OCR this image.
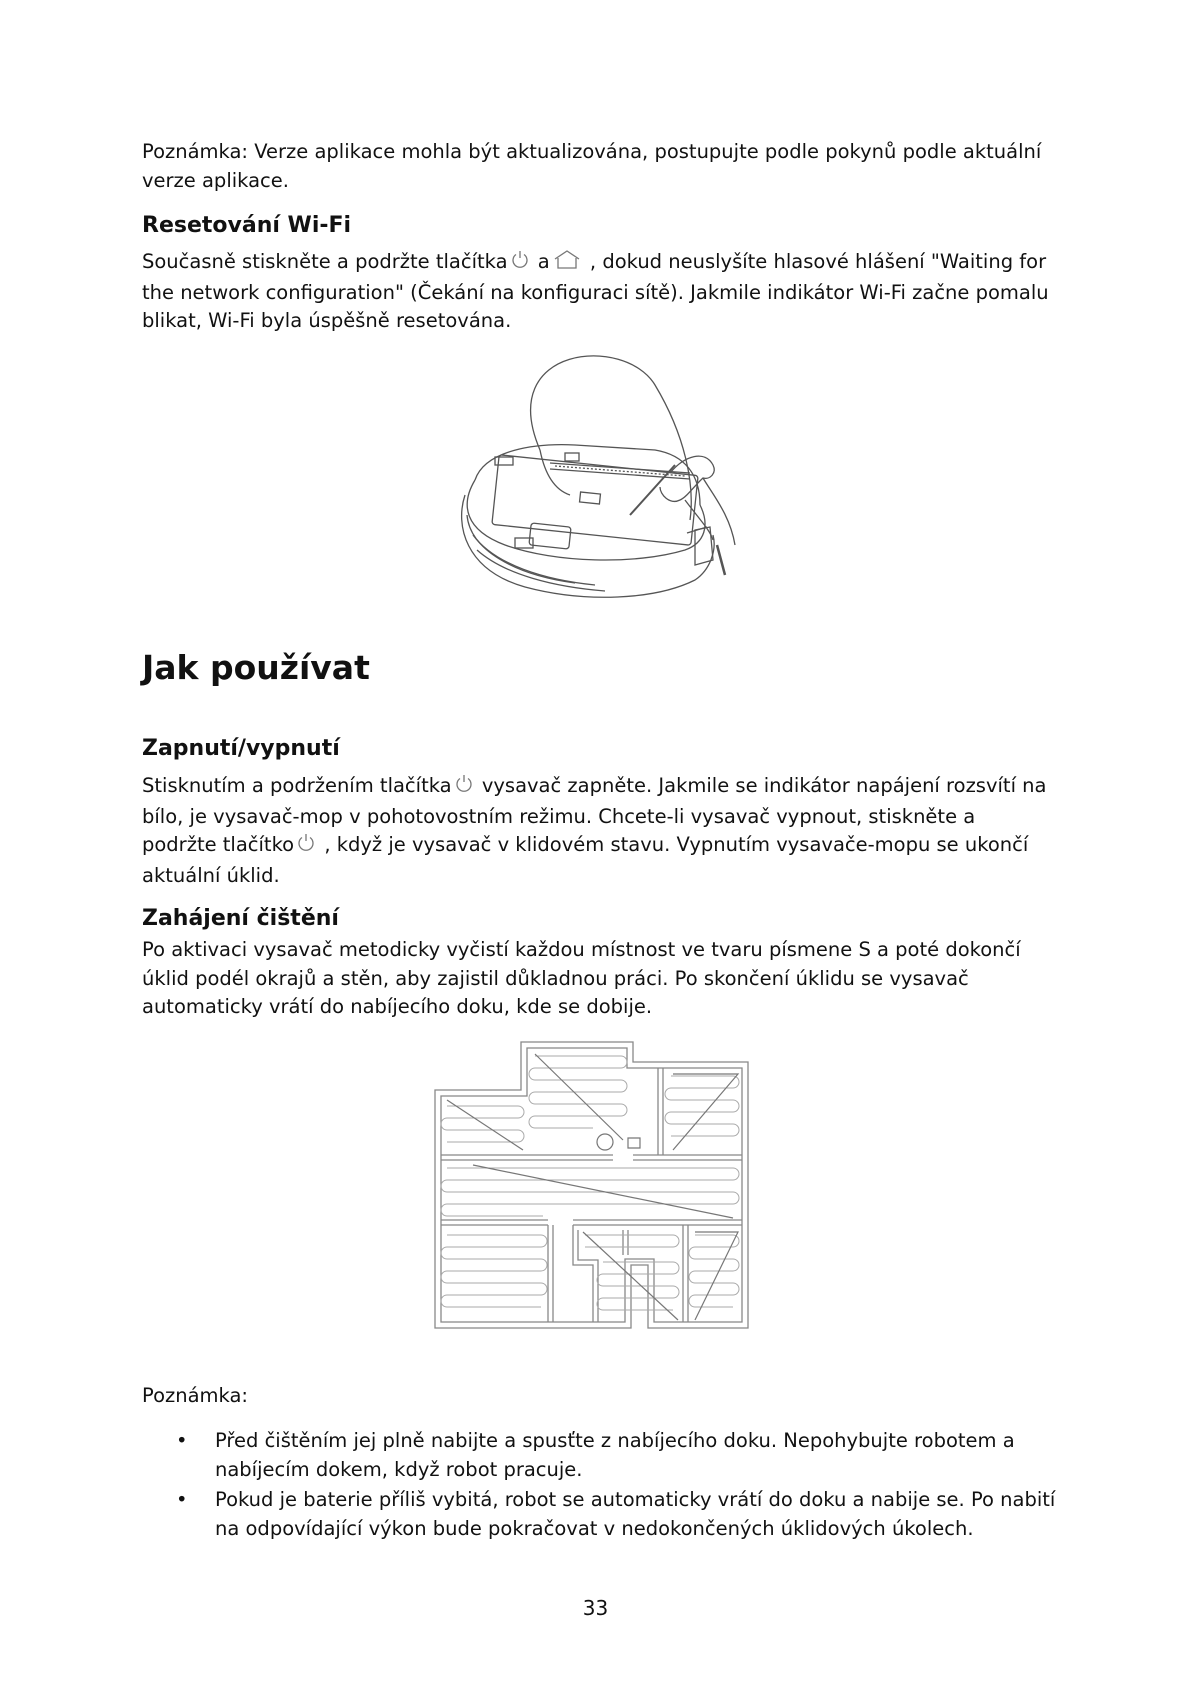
Poznámka: Verze aplikace mohla být aktualizována, postupujte podle pokynů podle aktuální verze aplikace.

Resetování Wi-Fi

Současně stiskněte a podržte tlačítka a , dokud neuslyšíte hlasové hlášení "Waiting for the network configuration" (Čekání na konfiguraci sítě). Jakmile indikátor Wi-Fi začne pomalu blikat, Wi-Fi byla úspěšně resetována.

Jak používat
Zapnutí/vypnutí

Stisknutím a podržením tlačítka vysavač zapněte. Jakmile se indikátor napájení rozsvítí na bílo, je vysavač-mop v pohotovostním režimu. Chcete-li vysavač vypnout, stiskněte a
podržte tlačítko , když je vysavač v klidovém stavu. Vypnutím vysavače-mopu se ukončí aktuální úklid.

Zahájení čištění

Po aktivaci vysavač metodicky vyčistí každou místnost ve tvaru písmene S a poté dokončí úklid podél okrajů a stěn, aby zajistil důkladnou práci. Po skončení úklidu se vysavač automaticky vrátí do nabíjecího doku, kde se dobije.

Poznámka:

• Před čištěním jej plně nabijte a spusťte z nabíjecího doku. Nepohybujte robotem a nabíjecím dokem, když robot pracuje.
• Pokud je baterie příliš vybitá, robot se automaticky vrátí do doku a nabije se. Po nabití na odpovídající výkon bude pokračovat v nedokončených úklidových úkolech.
33
